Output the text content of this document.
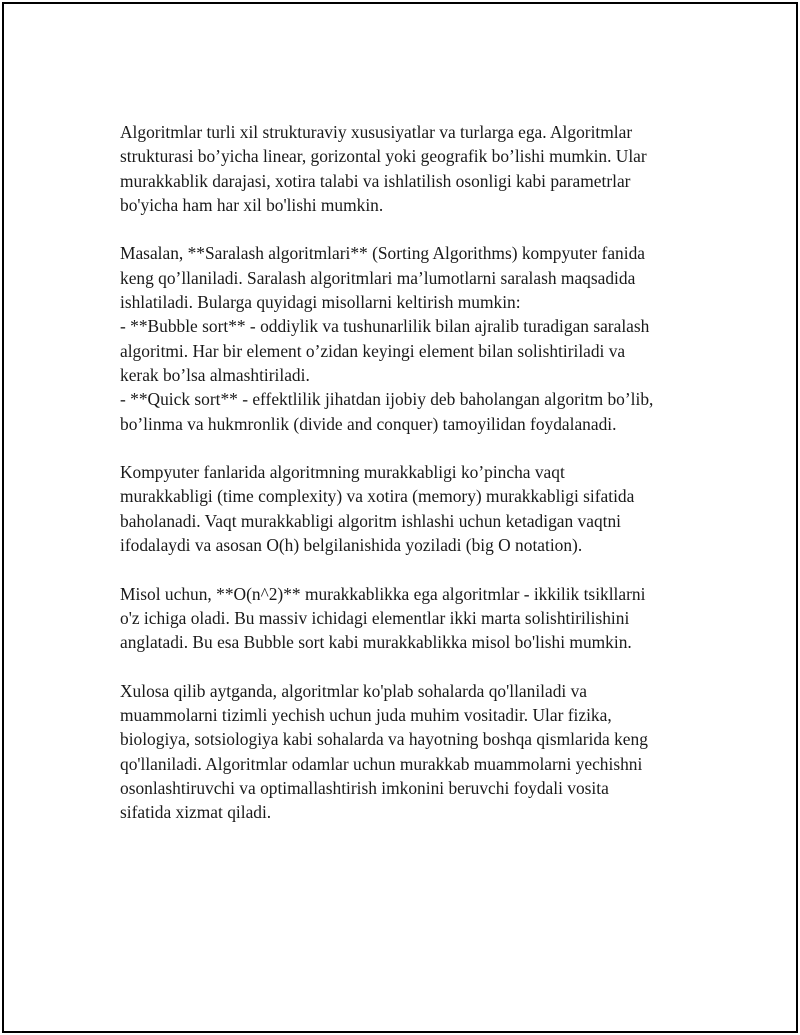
Algoritmlar turli xil strukturaviy xususiyatlar va turlarga ega. Algoritmlar
strukturasi bo’yicha linear, gorizontal yoki geografik bo’lishi mumkin. Ular
murakkablik darajasi, xotira talabi va ishlatilish osonligi kabi parametrlar
bo'yicha ham har xil bo'lishi mumkin.

Masalan, **Saralash algoritmlari** (Sorting Algorithms) kompyuter fanida
keng qo’llaniladi. Saralash algoritmlari ma’lumotlarni saralash maqsadida
ishlatiladi. Bularga quyidagi misollarni keltirish mumkin:
- **Bubble sort** - oddiylik va tushunarlilik bilan ajralib turadigan saralash
algoritmi. Har bir element o’zidan keyingi element bilan solishtiriladi va
kerak bo’lsa almashtiriladi.
- **Quick sort** - effektlilik jihatdan ijobiy deb baholangan algoritm bo’lib,
bo’linma va hukmronlik (divide and conquer) tamoyilidan foydalanadi.

Kompyuter fanlarida algoritmning murakkabligi ko’pincha vaqt
murakkabligi (time complexity) va xotira (memory) murakkabligi sifatida
baholanadi. Vaqt murakkabligi algoritm ishlashi uchun ketadigan vaqtni
ifodalaydi va asosan O(h) belgilanishida yoziladi (big O notation).

Misol uchun, **O(n^2)** murakkablikka ega algoritmlar - ikkilik tsikllarni
o'z ichiga oladi. Bu massiv ichidagi elementlar ikki marta solishtirilishini
anglatadi. Bu esa Bubble sort kabi murakkablikka misol bo'lishi mumkin.

Xulosa qilib aytganda, algoritmlar ko'plab sohalarda qo'llaniladi va
muammolarni tizimli yechish uchun juda muhim vositadir. Ular fizika,
biologiya, sotsiologiya kabi sohalarda va hayotning boshqa qismlarida keng
qo'llaniladi. Algoritmlar odamlar uchun murakkab muammolarni yechishni
osonlashtiruvchi va optimallashtirish imkonini beruvchi foydali vosita
sifatida xizmat qiladi.
